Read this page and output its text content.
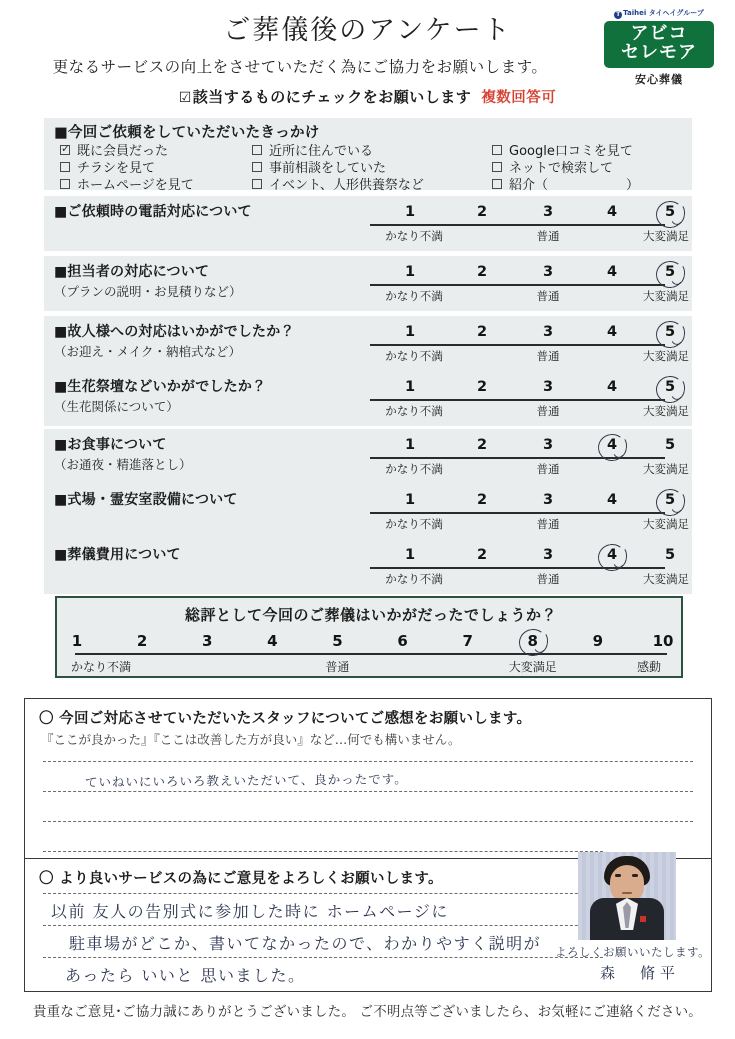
ご葬儀後のアンケート
更なるサービスの向上をさせていただく為にご協力をお願いします。
☑該当するものにチェックをお願いします 複数回答可
T Taihei タイヘイグループ
アビコ
セレモア
安心葬儀
■今回ご依頼をしていただいたきっかけ
✓ 既に会員だった
チラシを見て
ホームページを見て
近所に住んでいる
事前相談をしていた
イベント、人形供養祭など
Google口コミを見て
ネットで検索して
紹介（　　　　　　）
■ご依頼時の電話対応について	1	2	3	4	5
かなり不満	普通	大変満足
■担当者の対応について
（プランの説明・お見積りなど）
1	2	3	4	5
かなり不満	普通	大変満足
■故人様への対応はいかがでしたか？
（お迎え・メイク・納棺式など）
1	2	3	4	5
かなり不満	普通	大変満足
■生花祭壇などいかがでしたか？
（生花関係について）
1	2	3	4	5
かなり不満	普通	大変満足
■お食事について
（お通夜・精進落とし）
1	2	3	4	5
かなり不満	普通	大変満足
■式場・霊安室設備について	1	2	3	4	5
かなり不満	普通	大変満足
■葬儀費用について	1	2	3	4	5
かなり不満	普通	大変満足
総評として今回のご葬儀はいかがだったでしょうか？
1	2	3	4	5	6	7	8	9	10
かなり不満	普通	大変満足	感動
〇 今回ご対応させていただいたスタッフについてご感想をお願いします。
『ここが良かった』『ここは改善した方が良い』など…何でも構いません。
ていねいにいろいろ教えいただいて、良かったです。
〇 より良いサービスの為にご意見をよろしくお願いします。
以前 友人の告別式に参加した時に ホームページに
駐車場がどこか、書いてなかったので、わかりやすく説明が
あったら いいと 思いました。
よろしくお願いいたします。
森　脩平
貴重なご意見･ご協力誠にありがとうございました。 ご不明点等ございましたら、お気軽にご連絡ください。
